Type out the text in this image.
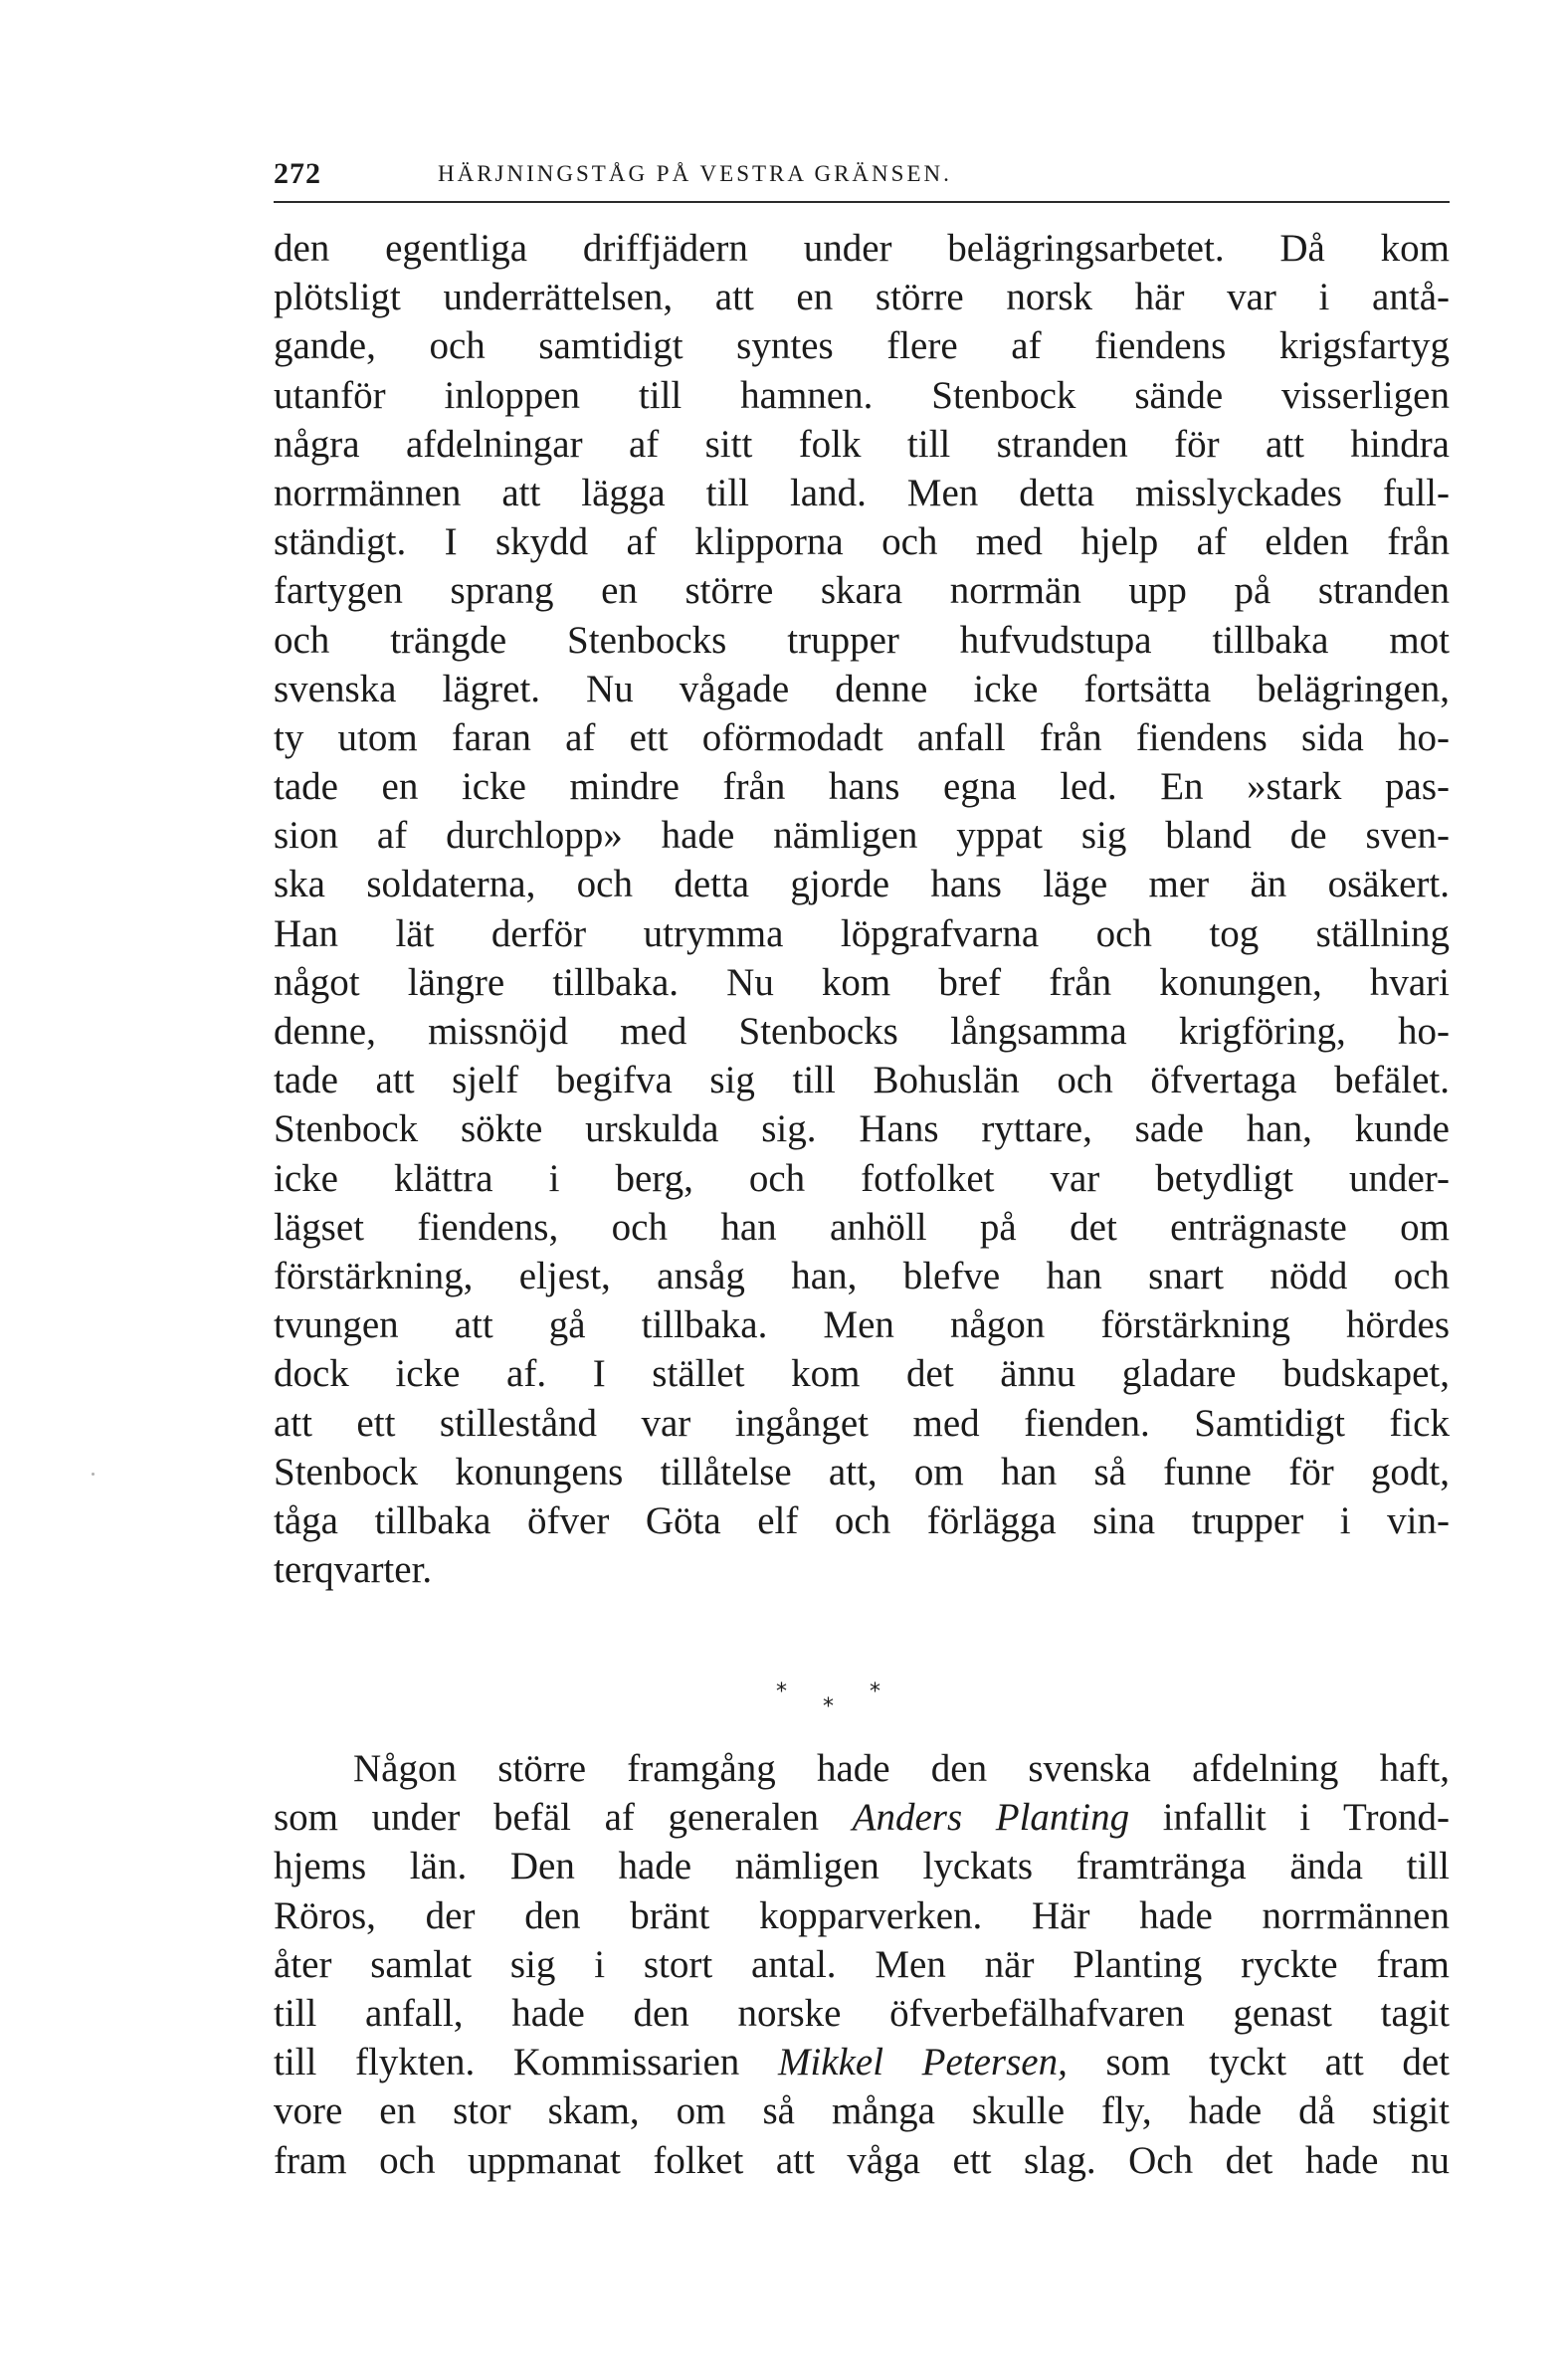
272	HÄRJNINGSTÅG PÅ VESTRA GRÄNSEN.
den egentliga driffjädern under belägringsarbetet. Då kom
plötsligt underrättelsen, att en större norsk här var i antå-
gande, och samtidigt syntes flere af fiendens krigsfartyg
utanför inloppen till hamnen. Stenbock sände visserligen
några afdelningar af sitt folk till stranden för att hindra
norrmännen att lägga till land. Men detta misslyckades full-
ständigt. I skydd af klipporna och med hjelp af elden från
fartygen sprang en större skara norrmän upp på stranden
och trängde Stenbocks trupper hufvudstupa tillbaka mot
svenska lägret. Nu vågade denne icke fortsätta belägringen,
ty utom faran af ett oförmodadt anfall från fiendens sida ho-
tade en icke mindre från hans egna led. En »stark pas-
sion af durchlopp» hade nämligen yppat sig bland de sven-
ska soldaterna, och detta gjorde hans läge mer än osäkert.
Han lät derför utrymma löpgrafvarna och tog ställning
något längre tillbaka. Nu kom bref från konungen, hvari
denne, missnöjd med Stenbocks långsamma krigföring, ho-
tade att sjelf begifva sig till Bohuslän och öfvertaga befälet.
Stenbock sökte urskulda sig. Hans ryttare, sade han, kunde
icke klättra i berg, och fotfolket var betydligt under-
lägset fiendens, och han anhöll på det enträgnaste om
förstärkning, eljest, ansåg han, blefve han snart nödd och
tvungen att gå tillbaka. Men någon förstärkning hördes
dock icke af. I stället kom det ännu gladare budskapet,
att ett stillestånd var ingånget med fienden. Samtidigt fick
Stenbock konungens tillåtelse att, om han så funne för godt,
tåga tillbaka öfver Göta elf och förlägga sina trupper i vin-
terqvarter.
*
*
*
Någon större framgång hade den svenska afdelning haft,
som under befäl af generalen Anders Planting infallit i Trond-
hjems län. Den hade nämligen lyckats framtränga ända till
Röros, der den bränt kopparverken. Här hade norrmännen
åter samlat sig i stort antal. Men när Planting ryckte fram
till anfall, hade den norske öfverbefälhafvaren genast tagit
till flykten. Kommissarien Mikkel Petersen, som tyckt att det
vore en stor skam, om så många skulle fly, hade då stigit
fram och uppmanat folket att våga ett slag. Och det hade nu
